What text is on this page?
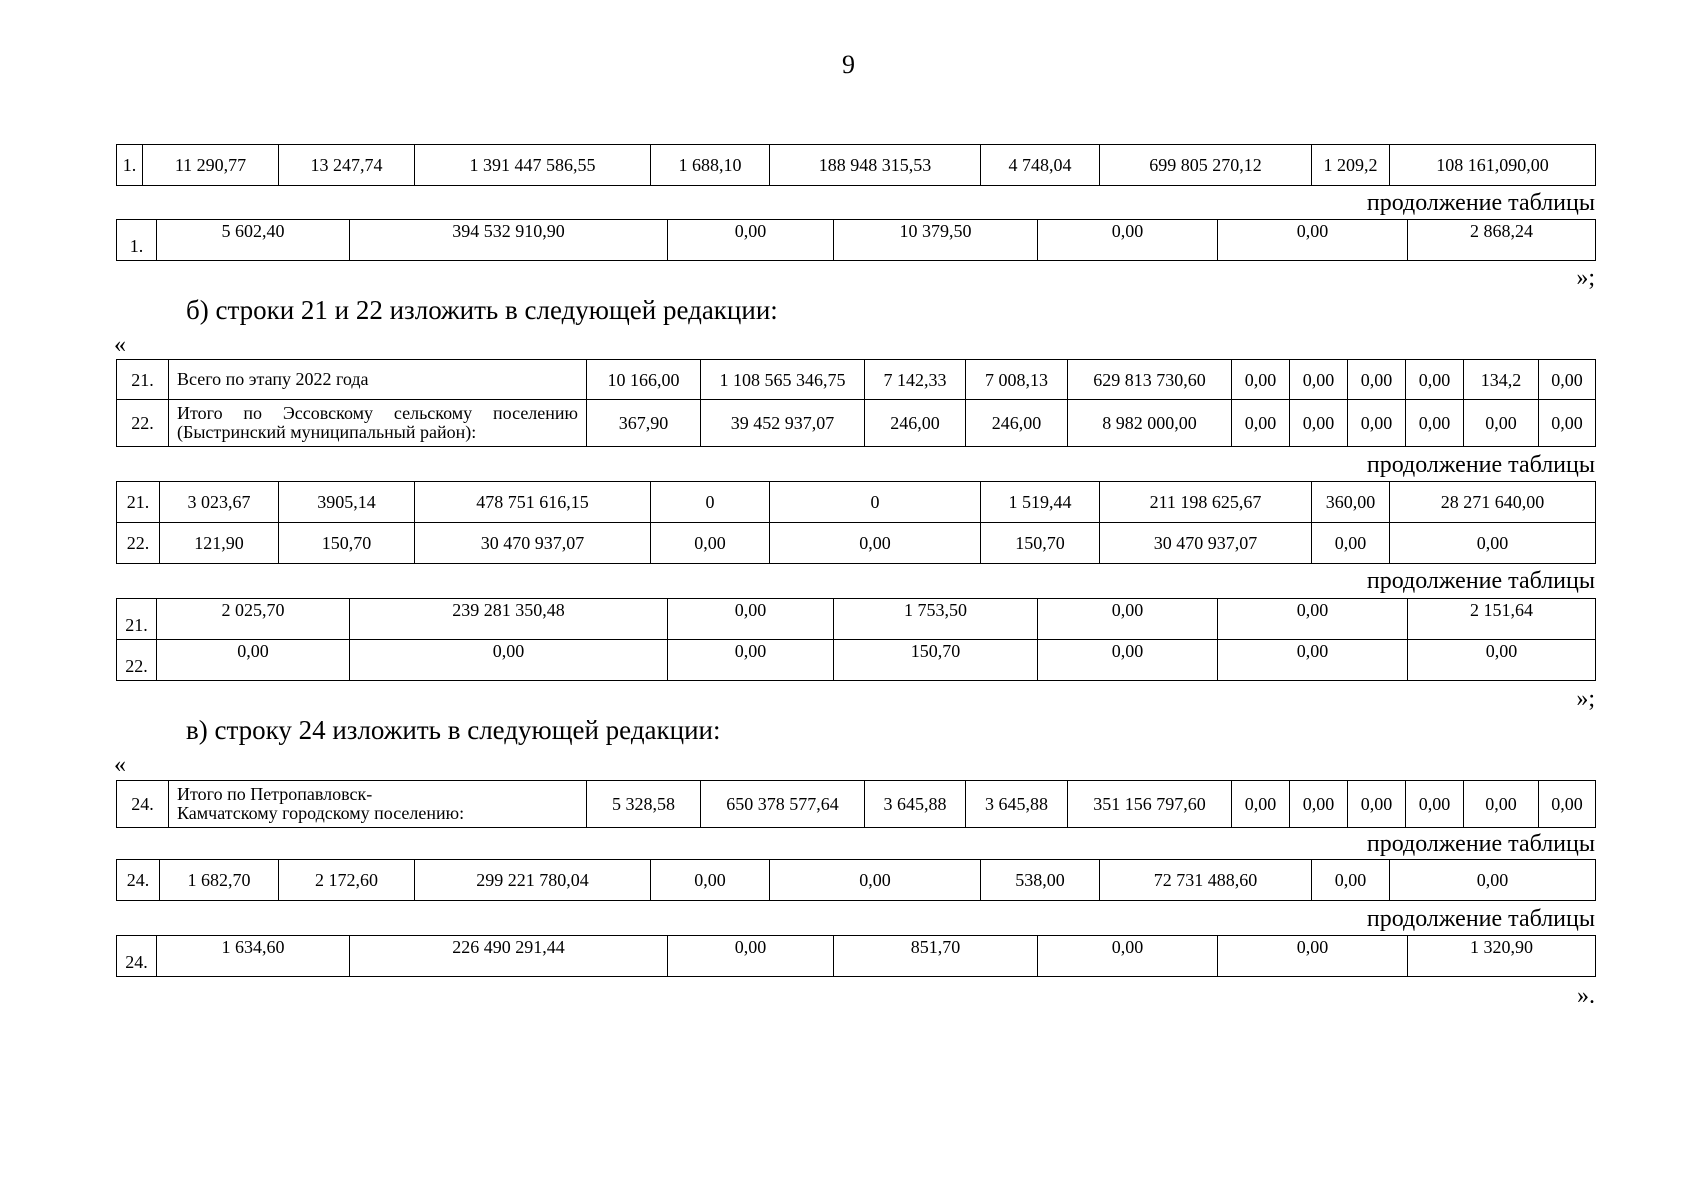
9
1.	11 290,77	13 247,74	1 391 447 586,55	1 688,10	188 948 315,53	4 748,04	699 805 270,12	1 209,2	108 161,090,00
продолжение таблицы
1.	5 602,40	394 532 910,90	0,00	10 379,50	0,00	0,00	2 868,24
»;
б) строки 21 и 22 изложить в следующей редакции:
«
21.	Всего по этапу 2022 года	10 166,00	1 108 565 346,75	7 142,33	7 008,13	629 813 730,60	0,00	0,00	0,00	0,00	134,2	0,00
22.	Итого по Эссовскому сельскому поселению (Быстринский муниципальный район):	367,90	39 452 937,07	246,00	246,00	8 982 000,00	0,00	0,00	0,00	0,00	0,00	0,00
продолжение таблицы
21.	3 023,67	3905,14	478 751 616,15	0	0	1 519,44	211 198 625,67	360,00	28 271 640,00
22.	121,90	150,70	30 470 937,07	0,00	0,00	150,70	30 470 937,07	0,00	0,00
продолжение таблицы
21.	2 025,70	239 281 350,48	0,00	1 753,50	0,00	0,00	2 151,64
22.	0,00	0,00	0,00	150,70	0,00	0,00	0,00
»;
в) строку 24 изложить в следующей редакции:
«
24.	Итого по Петропавловск-Камчатскому городскому поселению:	5 328,58	650 378 577,64	3 645,88	3 645,88	351 156 797,60	0,00	0,00	0,00	0,00	0,00	0,00
продолжение таблицы
24.	1 682,70	2 172,60	299 221 780,04	0,00	0,00	538,00	72 731 488,60	0,00	0,00
продолжение таблицы
24.	1 634,60	226 490 291,44	0,00	851,70	0,00	0,00	1 320,90
».
